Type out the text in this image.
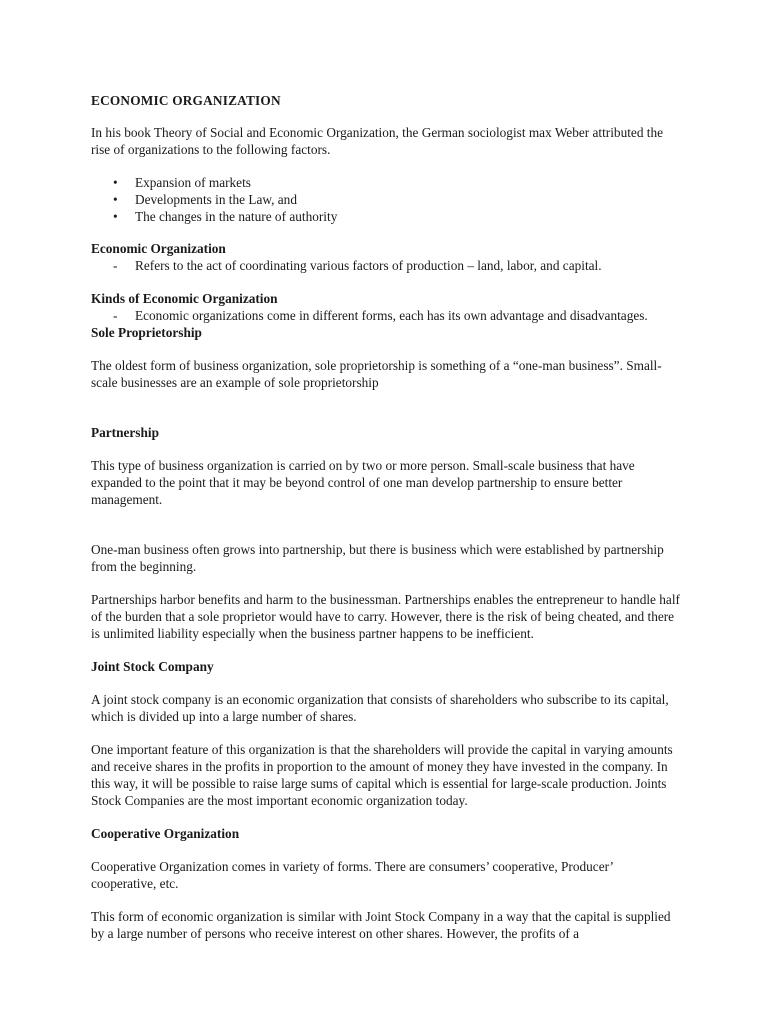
ECONOMIC ORGANIZATION

In his book Theory of Social and Economic Organization, the German sociologist max Weber attributed the rise of organizations to the following factors.

• Expansion of markets
• Developments in the Law, and
• The changes in the nature of authority

Economic Organization

- Refers to the act of coordinating various factors of production – land, labor, and capital.

Kinds of Economic Organization

- Economic organizations come in different forms, each has its own advantage and disadvantages.

Sole Proprietorship

The oldest form of business organization, sole proprietorship is something of a “one-man business”. Small-scale businesses are an example of sole proprietorship

Partnership

This type of business organization is carried on by two or more person. Small-scale business that have expanded to the point that it may be beyond control of one man develop partnership to ensure better management.

One-man business often grows into partnership, but there is business which were established by partnership from the beginning.

Partnerships harbor benefits and harm to the businessman. Partnerships enables the entrepreneur to handle half of the burden that a sole proprietor would have to carry. However, there is the risk of being cheated, and there is unlimited liability especially when the business partner happens to be inefficient.

Joint Stock Company

A joint stock company is an economic organization that consists of shareholders who subscribe to its capital, which is divided up into a large number of shares.

One important feature of this organization is that the shareholders will provide the capital in varying amounts and receive shares in the profits in proportion to the amount of money they have invested in the company. In this way, it will be possible to raise large sums of capital which is essential for large-scale production. Joints Stock Companies are the most important economic organization today.

Cooperative Organization

Cooperative Organization comes in variety of forms. There are consumers’ cooperative, Producer’ cooperative, etc.

This form of economic organization is similar with Joint Stock Company in a way that the capital is supplied by a large number of persons who receive interest on other shares. However, the profits of a
